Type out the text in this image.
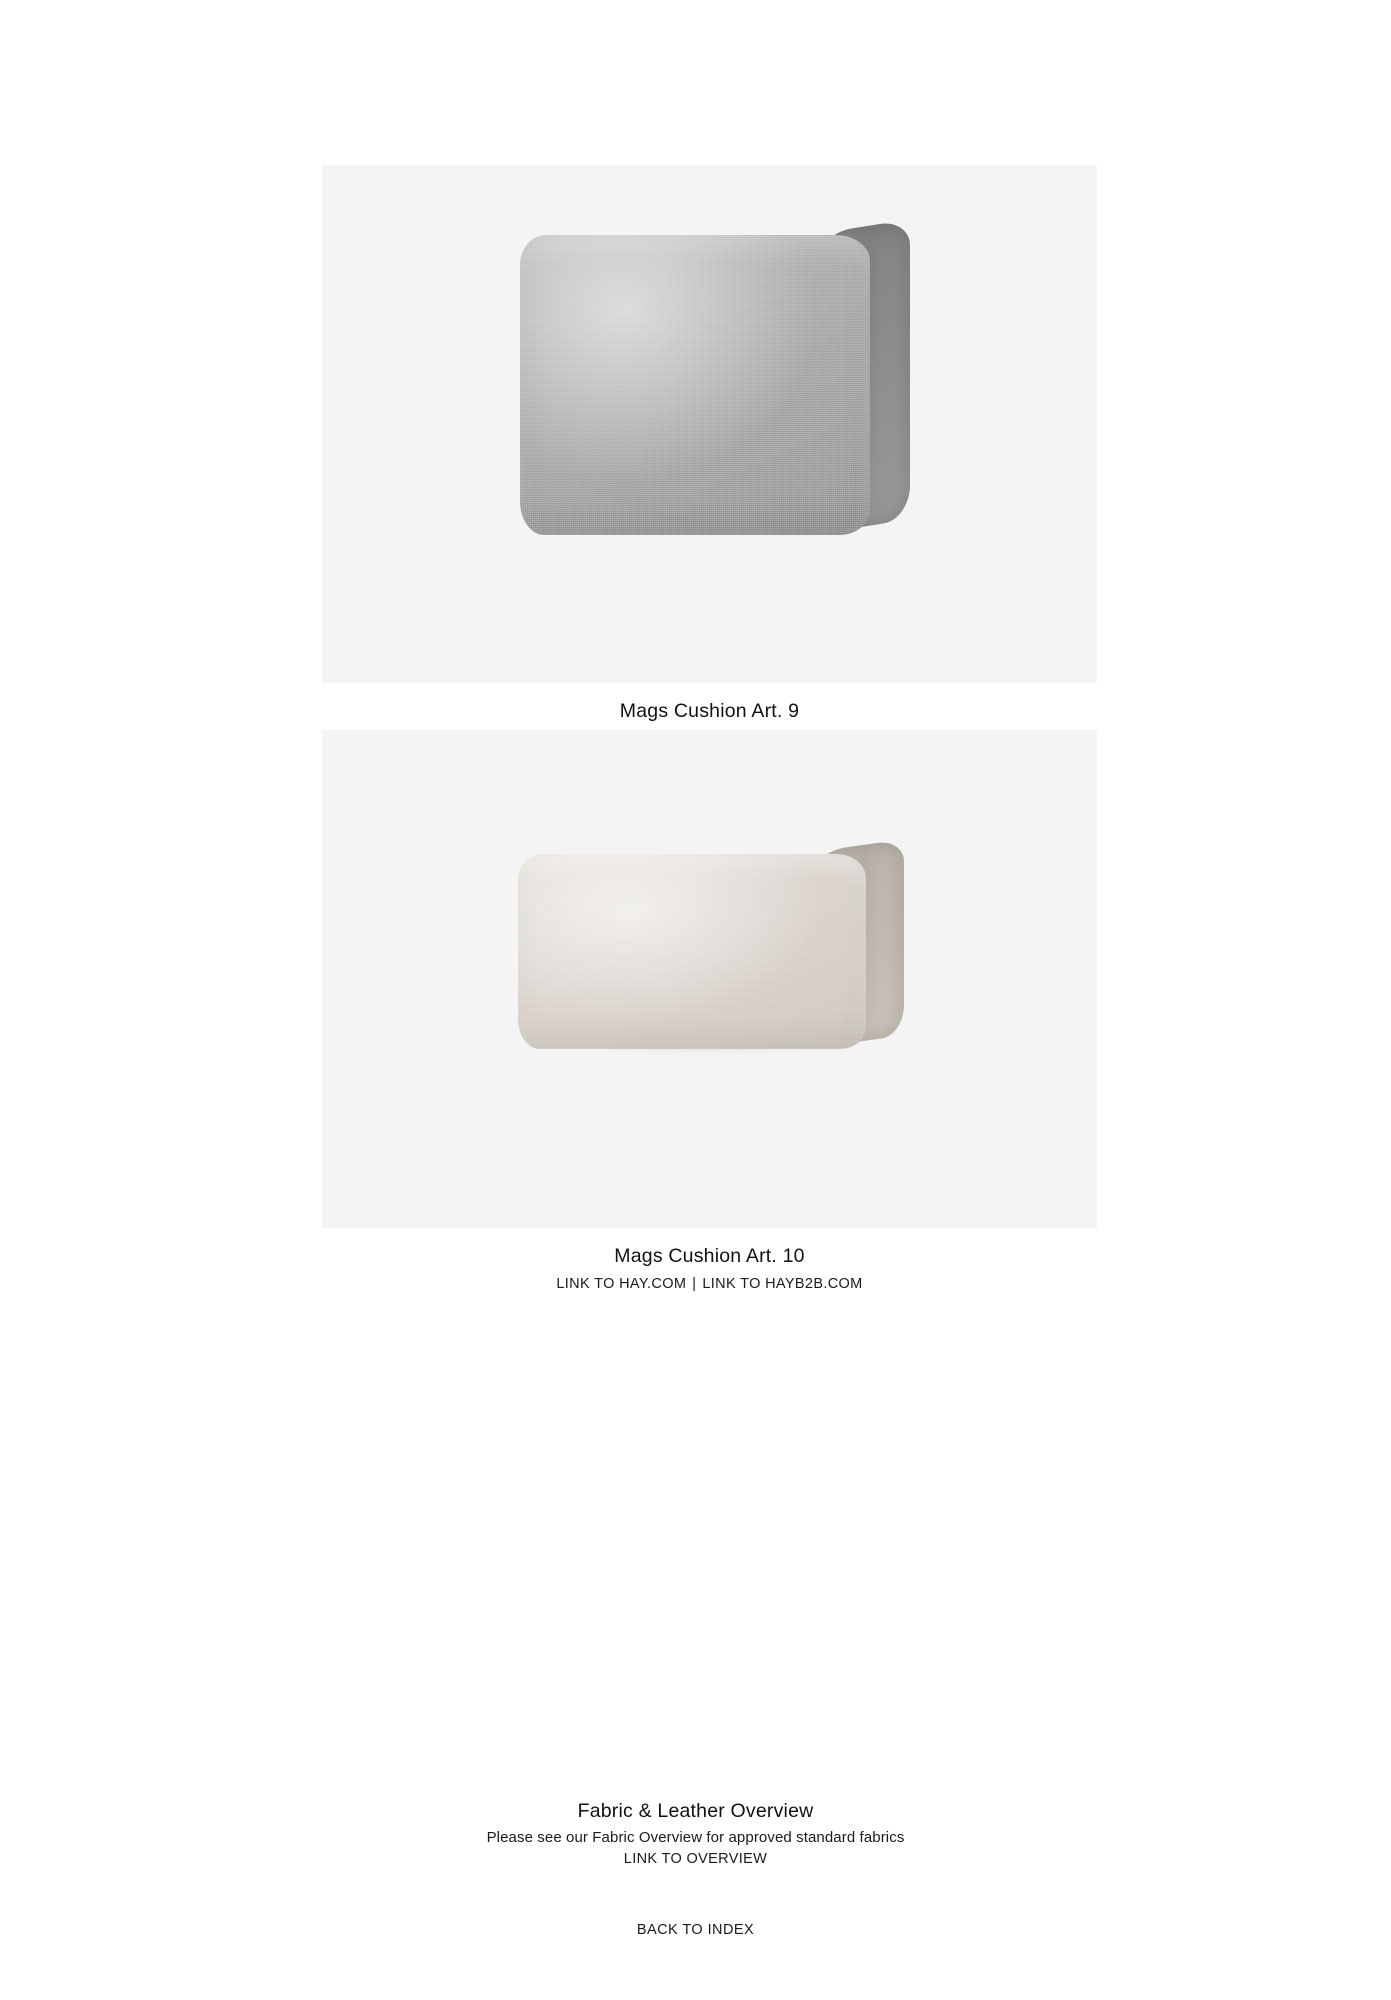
Mags Cushion Art. 9
Mags Cushion Art. 10
LINK TO HAY.COM | LINK TO HAYB2B.COM
Fabric & Leather Overview
Please see our Fabric Overview for approved standard fabrics
LINK TO OVERVIEW
BACK TO INDEX
